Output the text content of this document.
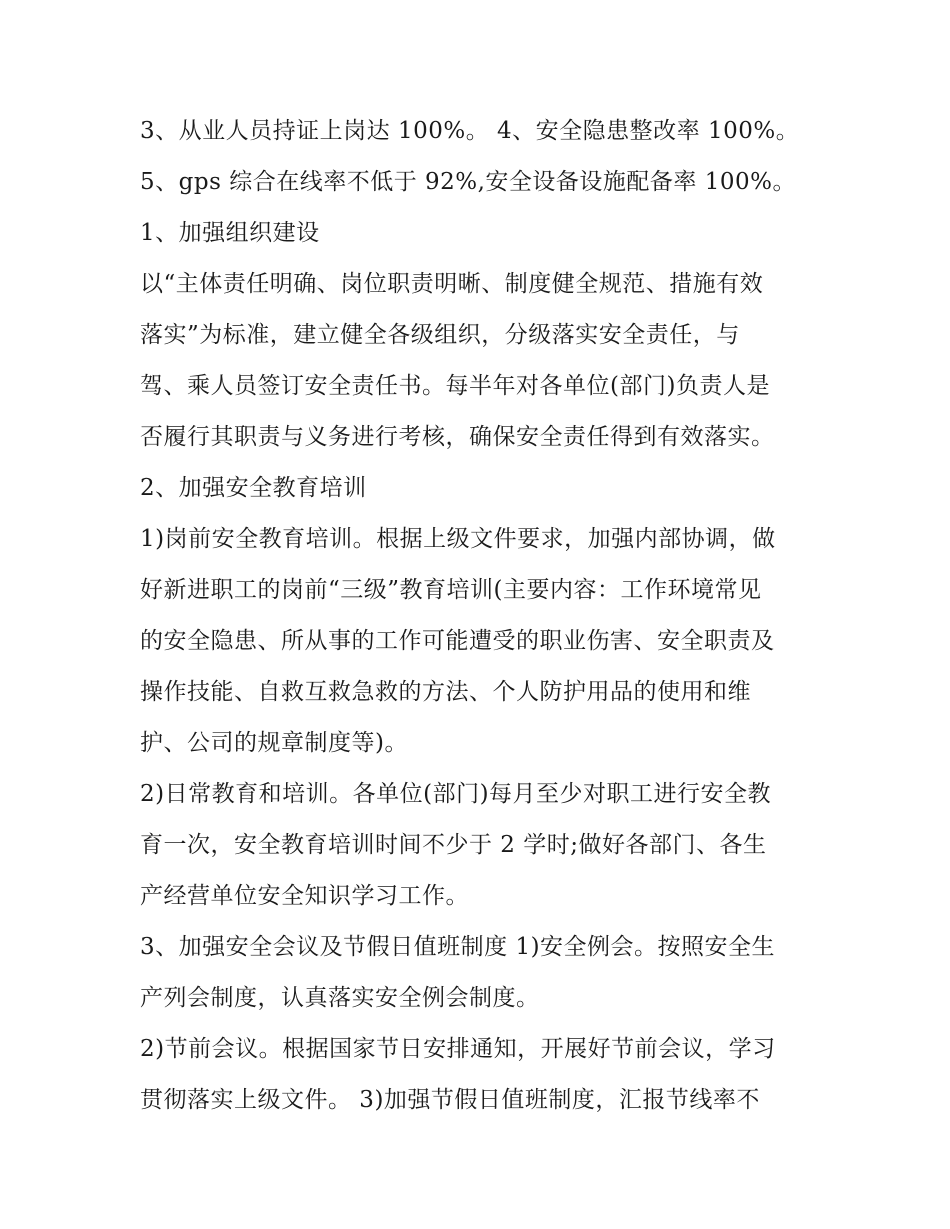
3、从业人员持证上岗达 100%。 4、安全隐患整改率 100%。
5、gps 综合在线率不低于 92%,安全设备设施配备率 100%。
1、加强组织建设
以“主体责任明确、岗位职责明晰、制度健全规范、措施有效
落实”为标准，建立健全各级组织，分级落实安全责任，与
驾、乘人员签订安全责任书。每半年对各单位(部门)负责人是
否履行其职责与义务进行考核，确保安全责任得到有效落实。
2、加强安全教育培训
1)岗前安全教育培训。根据上级文件要求，加强内部协调，做
好新进职工的岗前“三级”教育培训(主要内容：工作环境常见
的安全隐患、所从事的工作可能遭受的职业伤害、安全职责及
操作技能、自救互救急救的方法、个人防护用品的使用和维
护、公司的规章制度等)。
2)日常教育和培训。各单位(部门)每月至少对职工进行安全教
育一次，安全教育培训时间不少于 2 学时;做好各部门、各生
产经营单位安全知识学习工作。
3、加强安全会议及节假日值班制度 1)安全例会。按照安全生
产列会制度，认真落实安全例会制度。
2)节前会议。根据国家节日安排通知，开展好节前会议，学习
贯彻落实上级文件。 3)加强节假日值班制度，汇报节线率不
